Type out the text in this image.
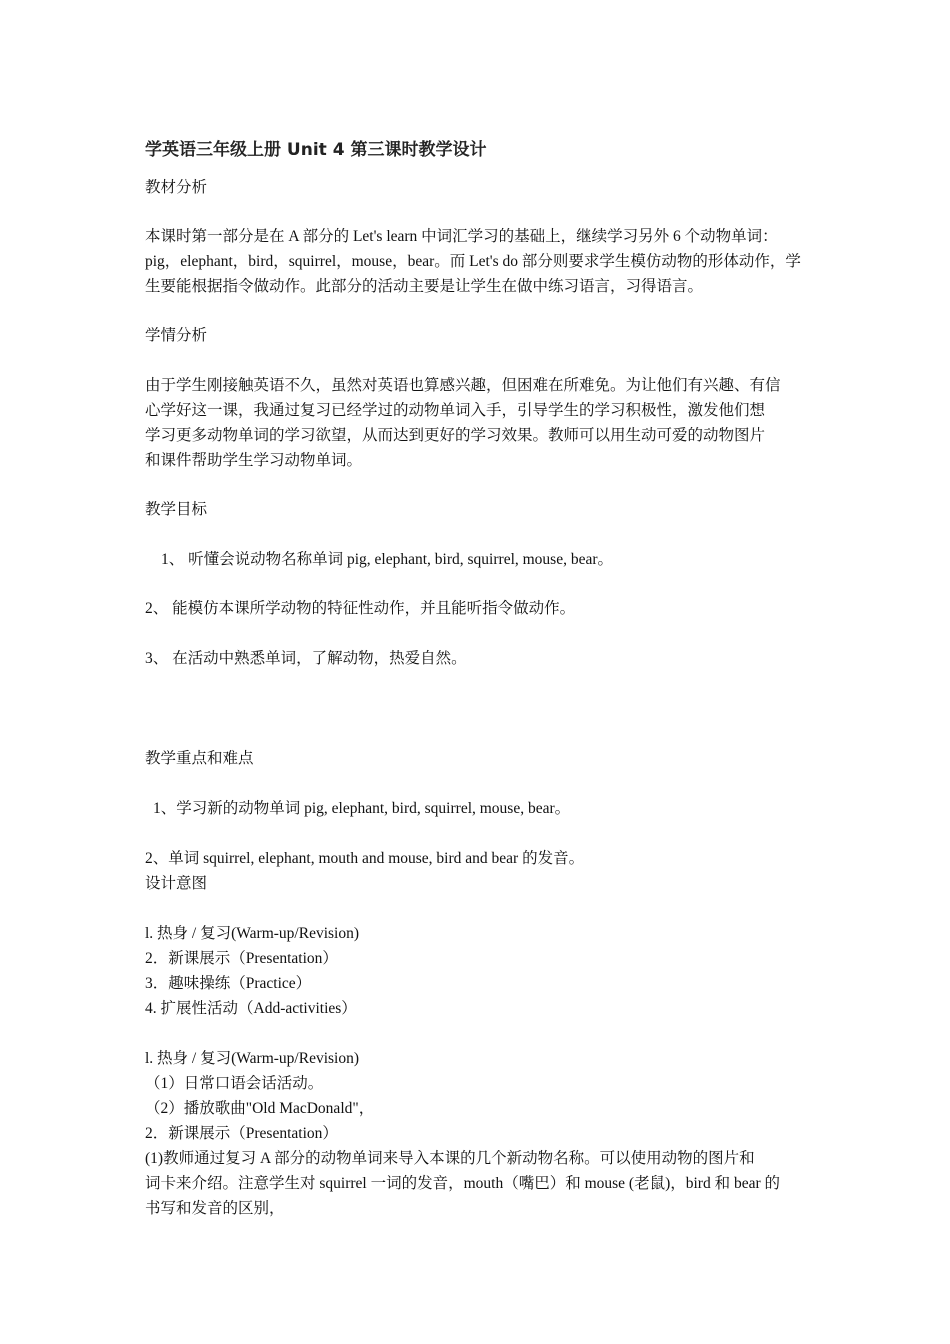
学英语三年级上册 Unit 4 第三课时教学设计
教材分析
本课时第一部分是在 A 部分的 Let's learn 中词汇学习的基础上，继续学习另外 6 个动物单词：
pig，elephant，bird，squirrel，mouse，bear。而 Let's do 部分则要求学生模仿动物的形体动作，学
生要能根据指令做动作。此部分的活动主要是让学生在做中练习语言，习得语言。
学情分析
由于学生刚接触英语不久，虽然对英语也算感兴趣，但困难在所难免。为让他们有兴趣、有信
心学好这一课，我通过复习已经学过的动物单词入手，引导学生的学习积极性，激发他们想
学习更多动物单词的学习欲望，从而达到更好的学习效果。教师可以用生动可爱的动物图片
和课件帮助学生学习动物单词。
教学目标
1、 听懂会说动物名称单词 pig, elephant, bird, squirrel, mouse, bear。
2、 能模仿本课所学动物的特征性动作，并且能听指令做动作。
3、 在活动中熟悉单词，了解动物，热爱自然。
教学重点和难点
1、学习新的动物单词 pig, elephant, bird, squirrel, mouse, bear。
2、单词 squirrel, elephant, mouth and mouse, bird and bear 的发音。
设计意图
l. 热身 / 复习(Warm-up/Revision)
2．新课展示（Presentation）
3．趣味操练（Practice）
4. 扩展性活动（Add-activities）
l. 热身 / 复习(Warm-up/Revision)
（1）日常口语会话活动。
（2）播放歌曲"Old MacDonald"，
2．新课展示（Presentation）
(1)教师通过复习 A 部分的动物单词来导入本课的几个新动物名称。可以使用动物的图片和
词卡来介绍。注意学生对 squirrel 一词的发音，mouth（嘴巴）和 mouse (老鼠)，bird 和 bear 的
书写和发音的区别，
